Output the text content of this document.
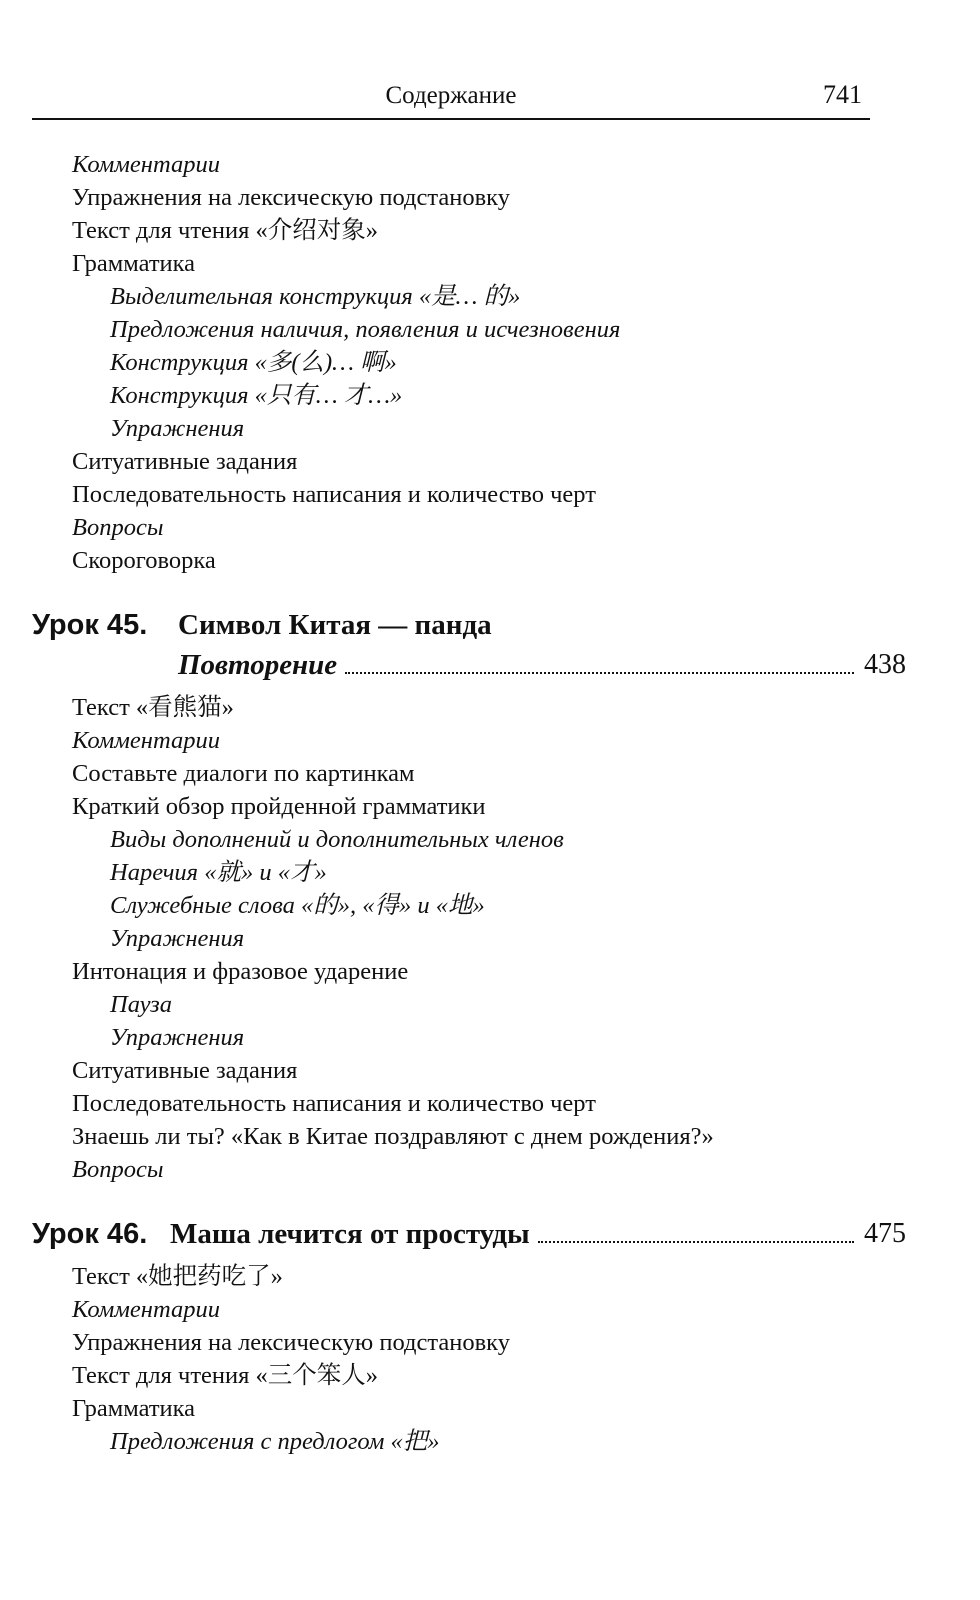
Содержание	741
Комментарии
Упражнения на лексическую подстановку
Текст для чтения «介绍对象»
Грамматика
Выделительная конструкция «是… 的»
Предложения наличия, появления и исчезновения
Конструкция «多(么)… 啊»
Конструкция «只有… 才…»
Упражнения
Ситуативные задания
Последовательность написания и количество черт
Вопросы
Скороговорка
Урок 45. Символ Китая — панда
Повторение	438
Текст «看熊猫»
Комментарии
Составьте диалоги по картинкам
Краткий обзор пройденной грамматики
Виды дополнений и дополнительных членов
Наречия «就» и «才»
Служебные слова «的», «得» и «地»
Упражнения
Интонация и фразовое ударение
Пауза
Упражнения
Ситуативные задания
Последовательность написания и количество черт
Знаешь ли ты? «Как в Китае поздравляют с днем рождения?»
Вопросы
Урок 46. Маша лечится от простуды	475
Текст «她把药吃了»
Комментарии
Упражнения на лексическую подстановку
Текст для чтения «三个笨人»
Грамматика
Предложения с предлогом «把»
